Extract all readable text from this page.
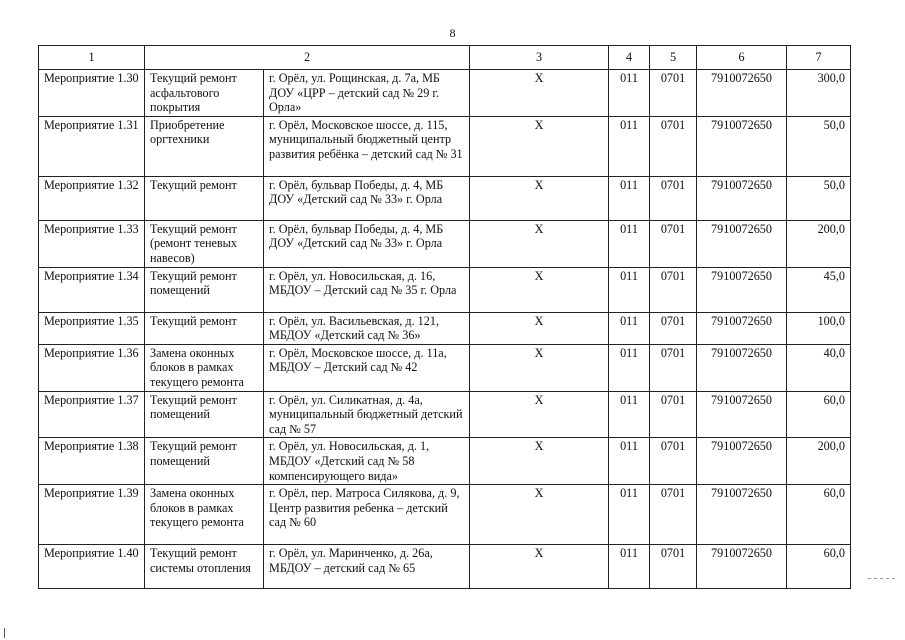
8
1	2		3	4	5	6	7
Мероприятие 1.30	Текущий ремонт асфальтового покрытия	г. Орёл, ул. Рощинская, д. 7а, МБ ДОУ «ЦРР – детский сад № 29 г. Орла»	X	011	0701	7910072650	300,0
Мероприятие 1.31	Приобретение оргтехники	г. Орёл, Московское шоссе, д. 115, муниципальный бюджетный центр развития ребёнка – детский сад № 31	X	011	0701	7910072650	50,0
Мероприятие 1.32	Текущий ремонт	г. Орёл, бульвар Победы, д. 4, МБ ДОУ «Детский сад № 33» г. Орла	X	011	0701	7910072650	50,0
Мероприятие 1.33	Текущий ремонт (ремонт теневых навесов)	г. Орёл, бульвар Победы, д. 4, МБ ДОУ «Детский сад № 33» г. Орла	X	011	0701	7910072650	200,0
Мероприятие 1.34	Текущий ремонт помещений	г. Орёл, ул. Новосильская, д. 16, МБДОУ – Детский сад № 35 г. Орла	X	011	0701	7910072650	45,0
Мероприятие 1.35	Текущий ремонт	г. Орёл, ул. Васильевская, д. 121, МБДОУ «Детский сад № 36»	X	011	0701	7910072650	100,0
Мероприятие 1.36	Замена оконных блоков в рамках текущего ремонта	г. Орёл, Московское шоссе, д. 11а, МБДОУ – Детский сад № 42	X	011	0701	7910072650	40,0
Мероприятие 1.37	Текущий ремонт помещений	г. Орёл, ул. Силикатная, д. 4а, муниципальный бюджетный детский сад № 57	X	011	0701	7910072650	60,0
Мероприятие 1.38	Текущий ремонт помещений	г. Орёл, ул. Новосильская, д. 1, МБДОУ «Детский сад № 58 компенсирующего вида»	X	011	0701	7910072650	200,0
Мероприятие 1.39	Замена оконных блоков в рамках текущего ремонта	г. Орёл, пер. Матроса Силякова, д. 9, Центр развития ребенка – детский сад № 60	X	011	0701	7910072650	60,0
Мероприятие 1.40	Текущий ремонт системы отопления	г. Орёл, ул. Маринченко, д. 26а, МБДОУ – детский сад № 65	X	011	0701	7910072650	60,0
